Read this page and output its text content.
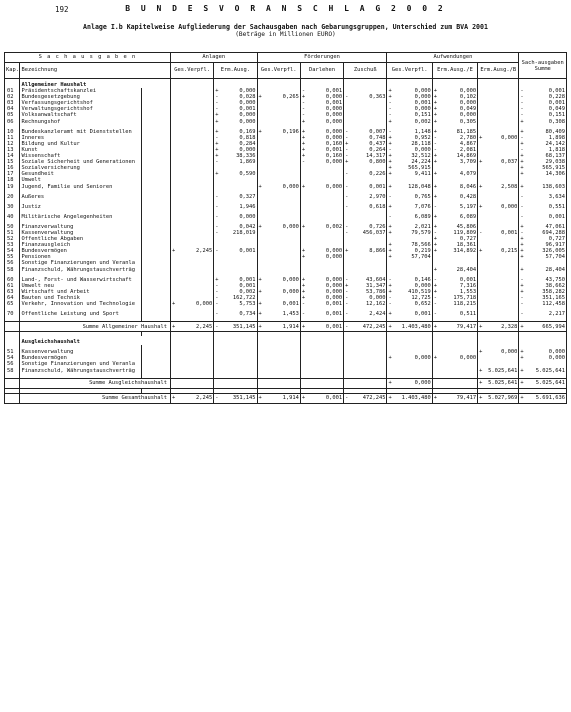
192	B U N D E S V O R A N S C H L A G 2 0 0 2
Anlage I.b Kapitelweise Aufgliederung der Sachausgaben nach Gebarungsgruppen, Unterschied zum BVA 2001
(Beträge in Millionen EURO)
S a c h a u s g a b e n			Anlagen				Förderungen						Aufwendungen						Sach-ausgaben Summe	
Kap.	Bezeichnung		Ges.Verpfl.		Erm.Ausg.		Ges.Verpfl.		Darlehen		Zuschuß		Ges.Verpfl.		Erm.Ausg./E		Erm.Ausg./B			
	Allgemeiner Haushalt																			
01	Präsidentschaftskanzlei				+	0,000			-	0,001			+	0,000	+	0,000			-	0,001
02	Bundesgesetzgebung				-	0,028	+	0,265	+	0,000	-	0,363	+	0,000	+	0,102			-	0,228
03	Verfassungsgerichtshof				-	0,000			-	0,001			-	0,001	+	0,000			-	0,001
04	Verwaltungsgerichtshof				-	0,001			-	0,000			-	0,000	+	0,049			-	0,049
05	Volksanwaltschaft				+	0,000			-	0,000			-	0,151	+	0,000			-	0,151
06	Rechnungshof				+	0,000			+	0,000			+	0,002	+	0,305			+	0,308

10	Bundeskanzleramt mit Dienststellen				+	0,169	+	0,196	+	0,000	-	0,007	-	1,148	+	81,185			+	80,409
11	Inneres				-	0,818			+	0,000	-	0,748	+	0,952	-	2,780	+	0,000	-	1,898
12	Bildung und Kultur				+	0,284			+	0,160	+	0,437	+	28,118	-	4,867			+	24,142
13	Kunst				+	0,000			+	0,001	-	0,264	-	0,000	-	2,081			-	1,818
14	Wissenschaft				+	38,336			+	0,160	-	14,317	+	32,512	+	14,869			+	68,137
15	Soziale Sicherheit und Generationen				-	1,869			-	0,000	+	0,800	+	24,224	+	3,709	+	0,037	+	29,038
16	Sozialversicherung												+	565,915					+	565,915
17	Gesundheit				+	0,590					-	0,226	+	9,411	+	4,079			+	14,306
18	Umwelt																			
19	Jugend, Familie und Senioren						+	0,000	+	0,000	-	0,001	+	128,048	+	8,046	+	2,508	+	138,603

20	Äußeres				-	0,327					-	2,970	-	0,765	+	0,428			-	3,634

30	Justiz				-	1,946					-	0,618	+	7,076	-	5,197	+	0,000	-	0,551

40	Militärische Angelegenheiten				-	0,000							-	6,089	+	6,089			-	0,001

50	Finanzverwaltung				-	0,042	+	0,000	+	0,002	-	0,726	+	2,021	+	45,806			+	47,061
51	Kassenverwaltung				-	218,019					-	456,037	+	79,579	-	119,809	-	0,001	-	694,288
52	Öffentliche Abgaben														+	0,727			+	0,727
53	Finanzausgleich												+	78,566	+	18,361			+	96,917
54	Bundesvermögen		+	2,245	-	0,001			+	0,000	+	8,866	+	0,219	+	314,892	+	0,215	+	326,005
55	Pensionen								+	0,000			+	57,704					+	57,704
56	Sonstige Finanzierungen und Veranla																			
58	Finanzschuld, Währungstauschverträg														+	28,404			+	28,404

60	Land-, Forst- und Wasserwirtschaft				+	0,001	+	0,000	+	0,000	-	43,604	-	0,146	-	0,001			-	43,750
61	Umwelt neu				-	0,001			+	0,000	+	31,347	+	0,000	+	7,316			+	38,662
63	Wirtschaft und Arbeit				-	0,002	+	0,000	+	0,000	-	53,786	+	410,519	+	1,553			+	358,282
64	Bauten und Technik				-	162,722			+	0,000	-	0,000	-	12,725	-	175,718			-	351,165
65	Verkehr, Innovation und Technologie		+	0,000	-	5,753	+	0,001	-	0,001	-	12,162	-	0,652	-	118,215			-	112,458

70	Öffentliche Leistung und Sport				-	0,734	+	1,453	-	0,001	-	2,424	+	0,001	-	0,511			-	2,217

	Summe Allgemeiner Haushalt		+	2,245	-	351,145	+	1,914	+	0,001	-	472,245	+	1.403,480	+	79,417	+	2,328	+	665,994

	Ausgleichshaushalt																			

51	Kassenverwaltung																+	0,000	+	0,000
54	Bundesvermögen												+	0,000	+	0,000			+	0,000
56	Sonstige Finanzierungen und Veranla																			
58	Finanzschuld, Währungstauschverträg																+	5.025,641	+	5.025,641

	Summe Ausgleichshaushalt												+	0,000			+	5.025,641	+	5.025,641

	Summe Gesamthaushalt		+	2,245	-	351,145	+	1,914	+	0,001	-	472,245	+	1.403,480	+	79,417	+	5.027,969	+	5.691,636
